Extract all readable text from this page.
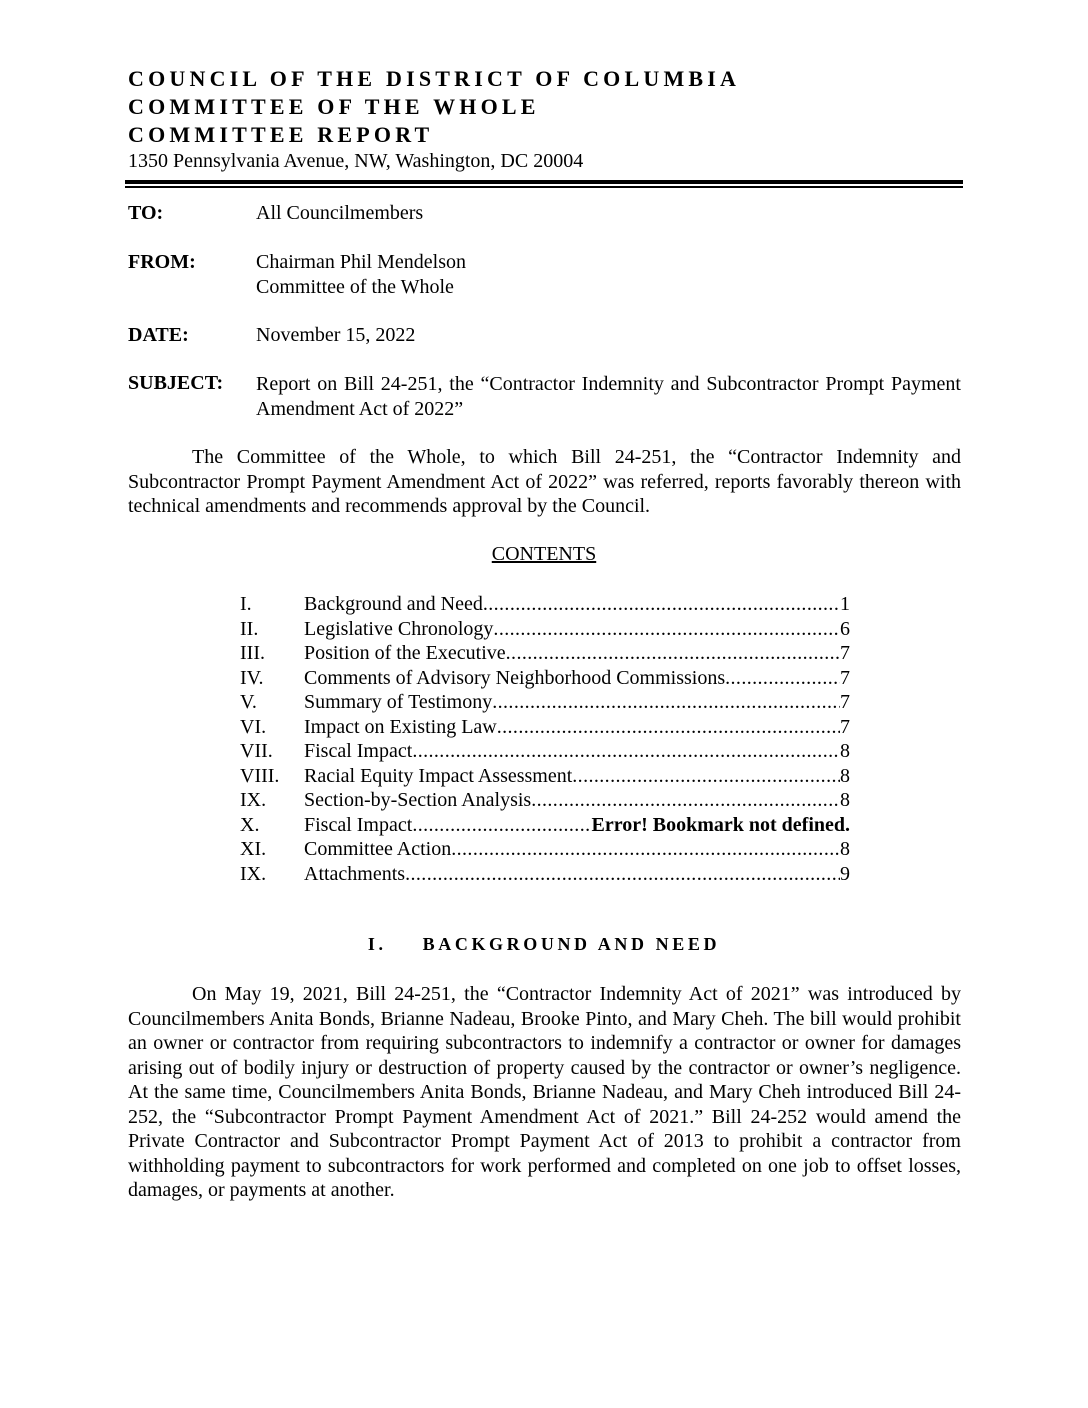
COUNCIL OF THE DISTRICT OF COLUMBIA
COMMITTEE OF THE WHOLE
COMMITTEE REPORT
1350 Pennsylvania Avenue, NW, Washington, DC 20004
TO:	All Councilmembers
FROM:	Chairman Phil Mendelson
Committee of the Whole
DATE:	November 15, 2022
SUBJECT: Report on Bill 24-251, the “Contractor Indemnity and Subcontractor Prompt Payment Amendment Act of 2022”

The Committee of the Whole, to which Bill 24-251, the “Contractor Indemnity and Subcontractor Prompt Payment Amendment Act of 2022” was referred, reports favorably thereon with technical amendments and recommends approval by the Council.

CONTENTS
I.	Background and Need .....	1
II. Legislative Chronology .....	6
III. Position of the Executive .....	7
IV. Comments of Advisory Neighborhood Commissions .....	7
V. Summary of Testimony .....	7
VI. Impact on Existing Law .....	7
VII. Fiscal Impact .....	8
VIII. Racial Equity Impact Assessment .....	8
IX. Section-by-Section Analysis .....	8
X. Fiscal Impact .....	Error! Bookmark not defined.
XI. Committee Action .....	8
IX. Attachments .....	9
I. BACKGROUND AND NEED

On May 19, 2021, Bill 24-251, the “Contractor Indemnity Act of 2021” was introduced by Councilmembers Anita Bonds, Brianne Nadeau, Brooke Pinto, and Mary Cheh. The bill would prohibit an owner or contractor from requiring subcontractors to indemnify a contractor or owner for damages arising out of bodily injury or destruction of property caused by the contractor or owner’s negligence. At the same time, Councilmembers Anita Bonds, Brianne Nadeau, and Mary Cheh introduced Bill 24-252, the “Subcontractor Prompt Payment Amendment Act of 2021.” Bill 24-252 would amend the Private Contractor and Subcontractor Prompt Payment Act of 2013 to prohibit a contractor from withholding payment to subcontractors for work performed and completed on one job to offset losses, damages, or payments at another.
